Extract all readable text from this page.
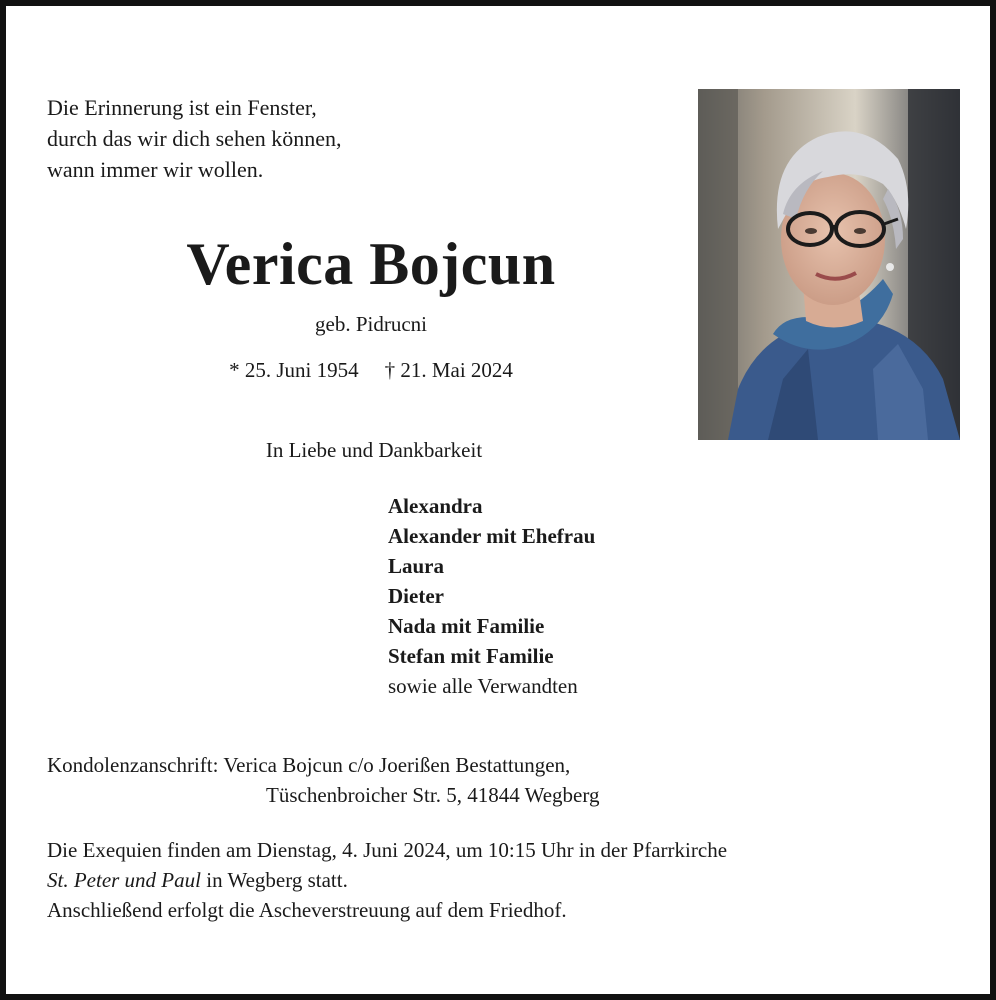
Die Erinnerung ist ein Fenster,
durch das wir dich sehen können,
wann immer wir wollen.
Verica Bojcun
geb. Pidrucni
* 25. Juni 1954 † 21. Mai 2024
In Liebe und Dankbarkeit
Alexandra
Alexander mit Ehefrau
Laura
Dieter
Nada mit Familie
Stefan mit Familie
sowie alle Verwandten
Kondolenzanschrift: Verica Bojcun c/o Joerißen Bestattungen,
Tüschenbroicher Str. 5, 41844 Wegberg
Die Exequien finden am Dienstag, 4. Juni 2024, um 10:15 Uhr in der Pfarrkirche
St. Peter und Paul in Wegberg statt.
Anschließend erfolgt die Ascheverstreuung auf dem Friedhof.
